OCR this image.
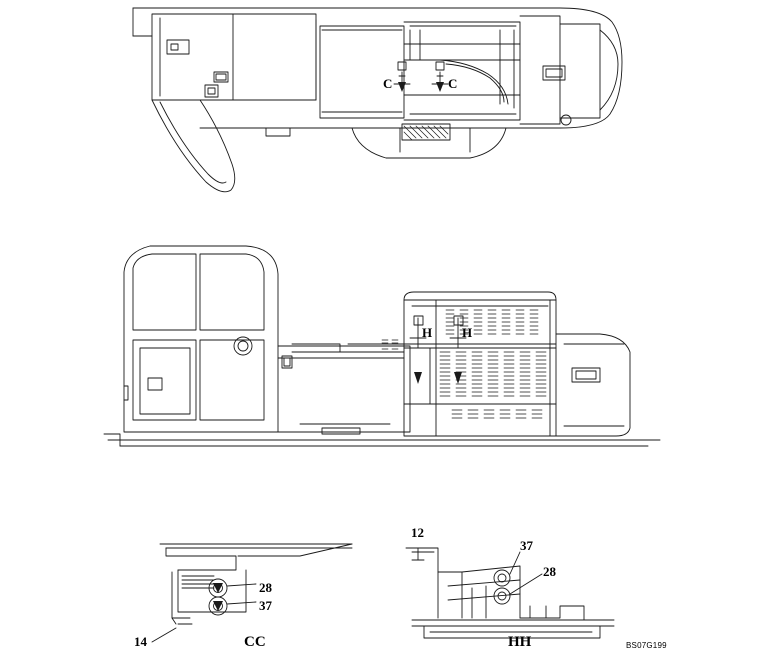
C	C
H H
28
37
14	CC
12
37
28
HH	BS07G199
